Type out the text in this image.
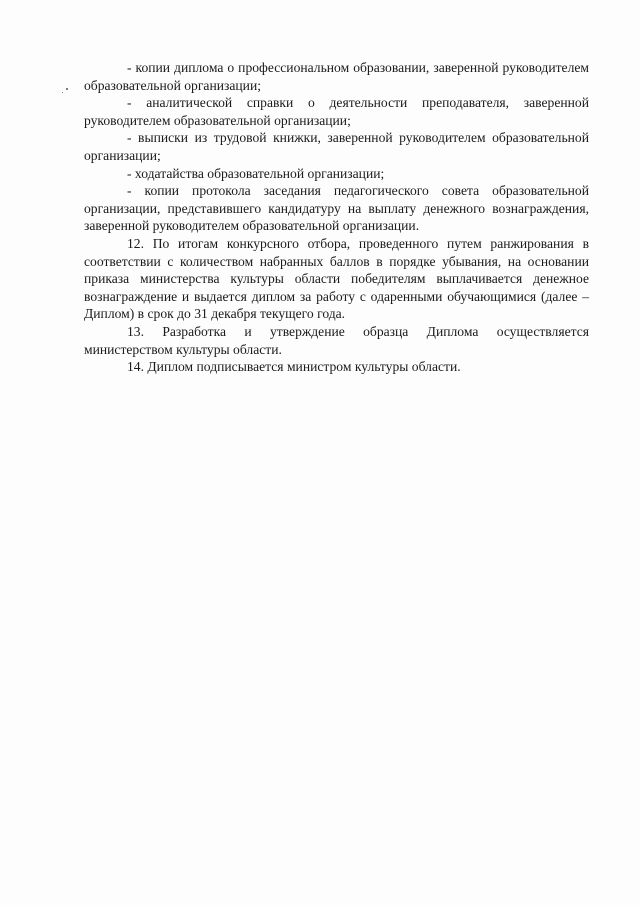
- копии диплома о профессиональном образовании, заверенной руководителем образовательной организации;

- аналитической справки о деятельности преподавателя, заверенной руководителем образовательной организации;

- выписки из трудовой книжки, заверенной руководителем образовательной организации;

- ходатайства образовательной организации;

- копии протокола заседания педагогического совета образовательной организации, представившего кандидатуру на выплату денежного вознаграждения, заверенной руководителем образовательной организации.

12. По итогам конкурсного отбора, проведенного путем ранжирования в соответствии с количеством набранных баллов в порядке убывания, на основании приказа министерства культуры области победителям выплачивается денежное вознаграждение и выдается диплом за работу с одаренными обучающимися (далее – Диплом) в срок до 31 декабря текущего года.

13. Разработка и утверждение образца Диплома осуществляется министерством культуры области.

14. Диплом подписывается министром культуры области.
